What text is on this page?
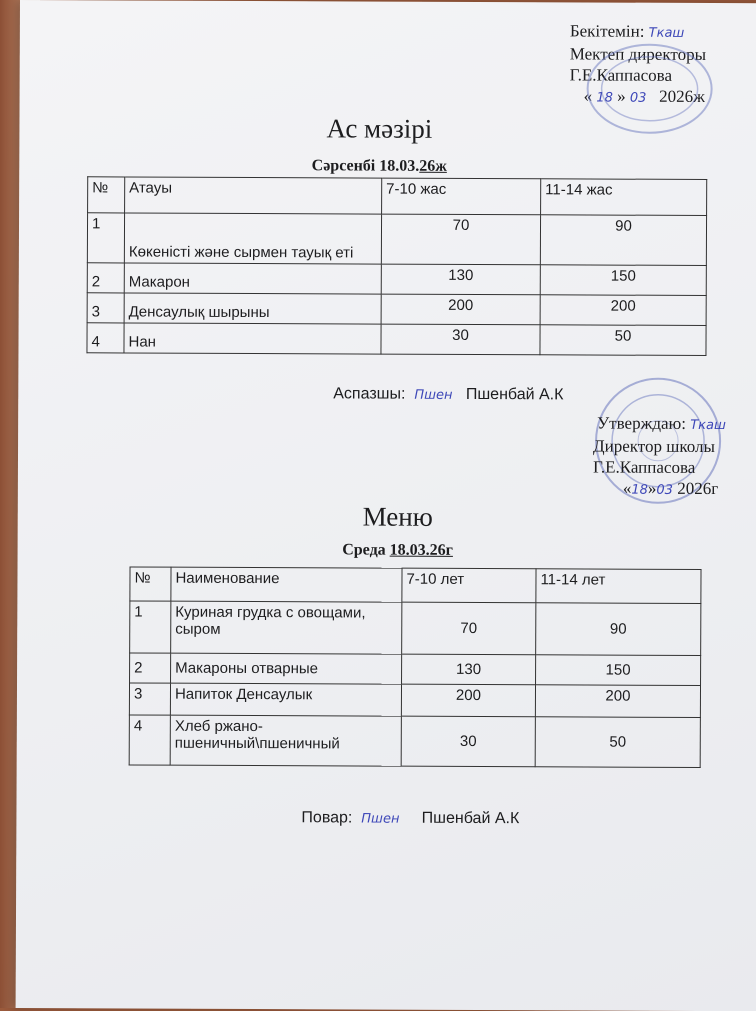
Бекітемін: Ткаш
Мектеп директоры
Г.Е.Каппасова
« 18 » 03 2026ж
Ас мәзірі
Сәрсенбі 18.03.26ж
№	Атауы	7-10 жас	11-14 жас
1	Көкеністі және сырмен тауық еті	70	90
2	Макарон	130	150
3	Денсаулық шырыны	200	200
4	Нан	30	50
Аспазшы: Пшен Пшенбай А.К
Утверждаю: Ткаш
Директор школы
Г.Е.Каппасова
«18»03 2026г
Меню
Среда 18.03.26г
№	Наименование	7-10 лет	11-14 лет
1	Куриная грудка с овощами, сыром	70	90
2	Макароны отварные	130	150
3	Напиток Денсаулык	200	200
4	Хлеб ржано-пшеничный\пшеничный	30	50
Повар: Пшен Пшенбай А.К
